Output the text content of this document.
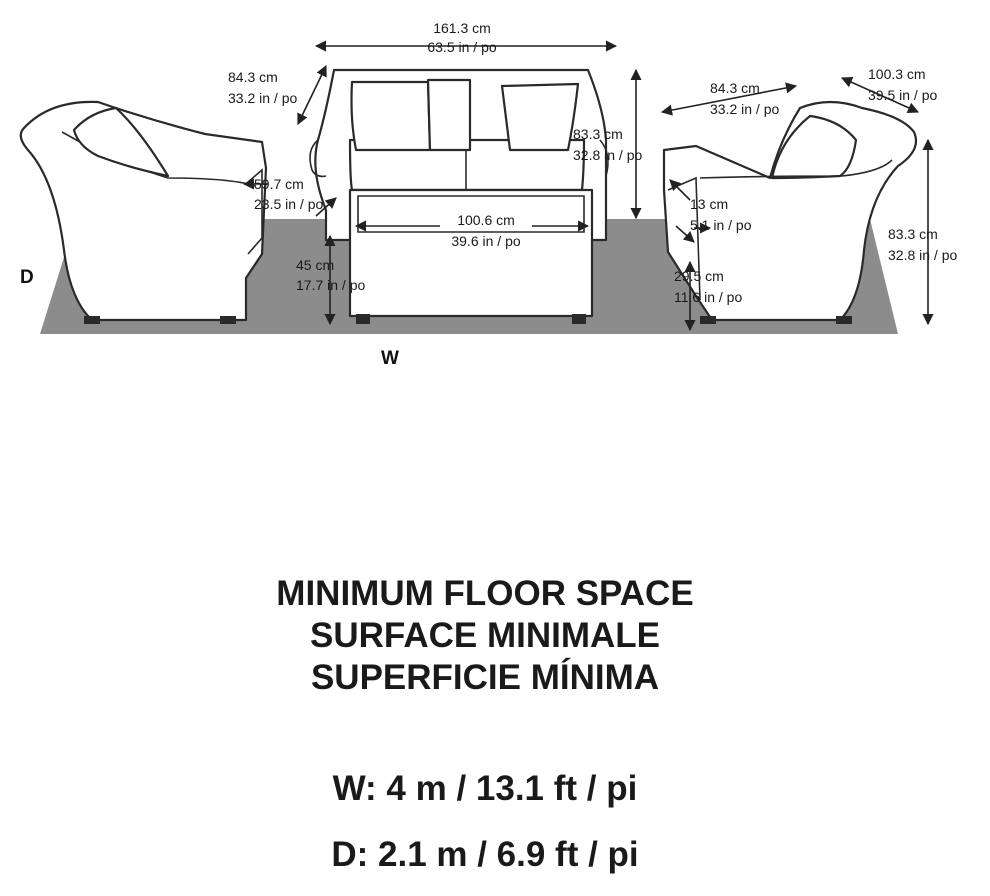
161.3 cm
63.5 in / po
84.3 cm
33.2 in / po
83.3 cm
32.8 in / po
59.7 cm
23.5 in / po
100.6 cm
39.6 in / po
45 cm
17.7 in / po
84.3 cm
33.2 in / po
100.3 cm
39.5 in / po
83.3 cm
32.8 in / po
13 cm
5.1 in / po
29.5 cm
11.6 in / po
D
W
MINIMUM FLOOR SPACE
SURFACE MINIMALE
SUPERFICIE MÍNIMA
W: 4 m / 13.1 ft / pi
D: 2.1 m / 6.9 ft / pi
